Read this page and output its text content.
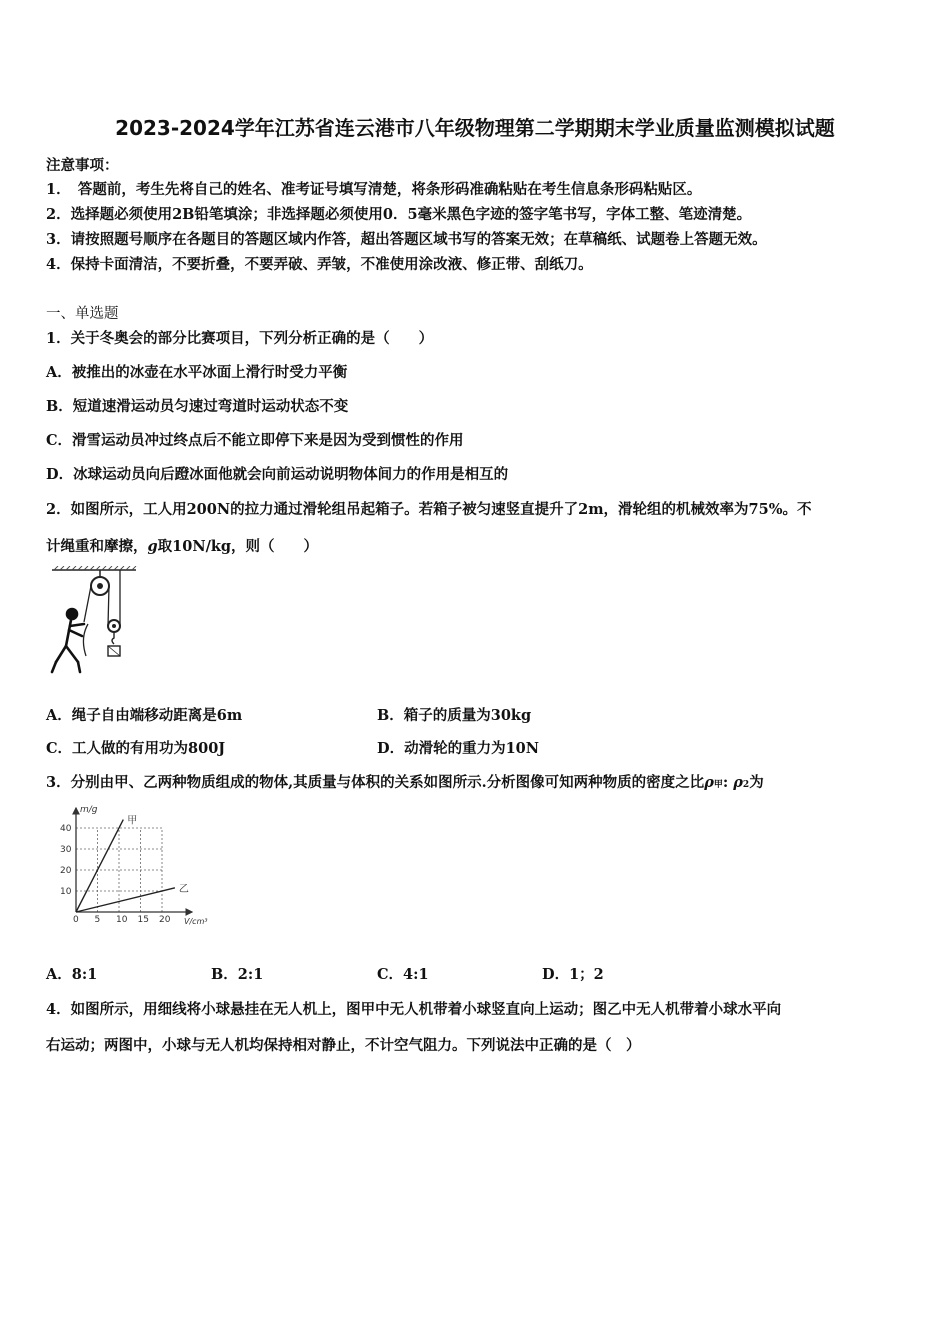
2023-2024学年江苏省连云港市八年级物理第二学期期末学业质量监测模拟试题
注意事项：
1．　答题前，考生先将自己的姓名、准考证号填写清楚，将条形码准确粘贴在考生信息条形码粘贴区。
2．选择题必须使用2B铅笔填涂；非选择题必须使用0．5毫米黑色字迹的签字笔书写，字体工整、笔迹清楚。
3．请按照题号顺序在各题目的答题区域内作答，超出答题区域书写的答案无效；在草稿纸、试题卷上答题无效。
4．保持卡面清洁，不要折叠，不要弄破、弄皱，不准使用涂改液、修正带、刮纸刀。
一、单选题
1．关于冬奥会的部分比赛项目，下列分析正确的是（　　）
A．被推出的冰壶在水平冰面上滑行时受力平衡
B．短道速滑运动员匀速过弯道时运动状态不变
C．滑雪运动员冲过终点后不能立即停下来是因为受到惯性的作用
D．冰球运动员向后蹬冰面他就会向前运动说明物体间力的作用是相互的
2．如图所示，工人用200N的拉力通过滑轮组吊起箱子。若箱子被匀速竖直提升了2m，滑轮组的机械效率为75%。不
计绳重和摩擦，g取10N/kg，则（　　）
A．绳子自由端移动距离是6m	B．箱子的质量为30kg
C．工人做的有用功为800J	D．动滑轮的重力为10N
3．分别由甲、乙两种物质组成的物体,其质量与体积的关系如图所示.分析图像可知两种物质的密度之比ρ甲: ρ2为
0 5 10 15 20
10
20
30
40
m/g
V/cm³
甲
乙
A．8:1	B．2:1	C．4:1	D．1；2
4．如图所示，用细线将小球悬挂在无人机上，图甲中无人机带着小球竖直向上运动；图乙中无人机带着小球水平向
右运动；两图中，小球与无人机均保持相对静止，不计空气阻力。下列说法中正确的是（　）
